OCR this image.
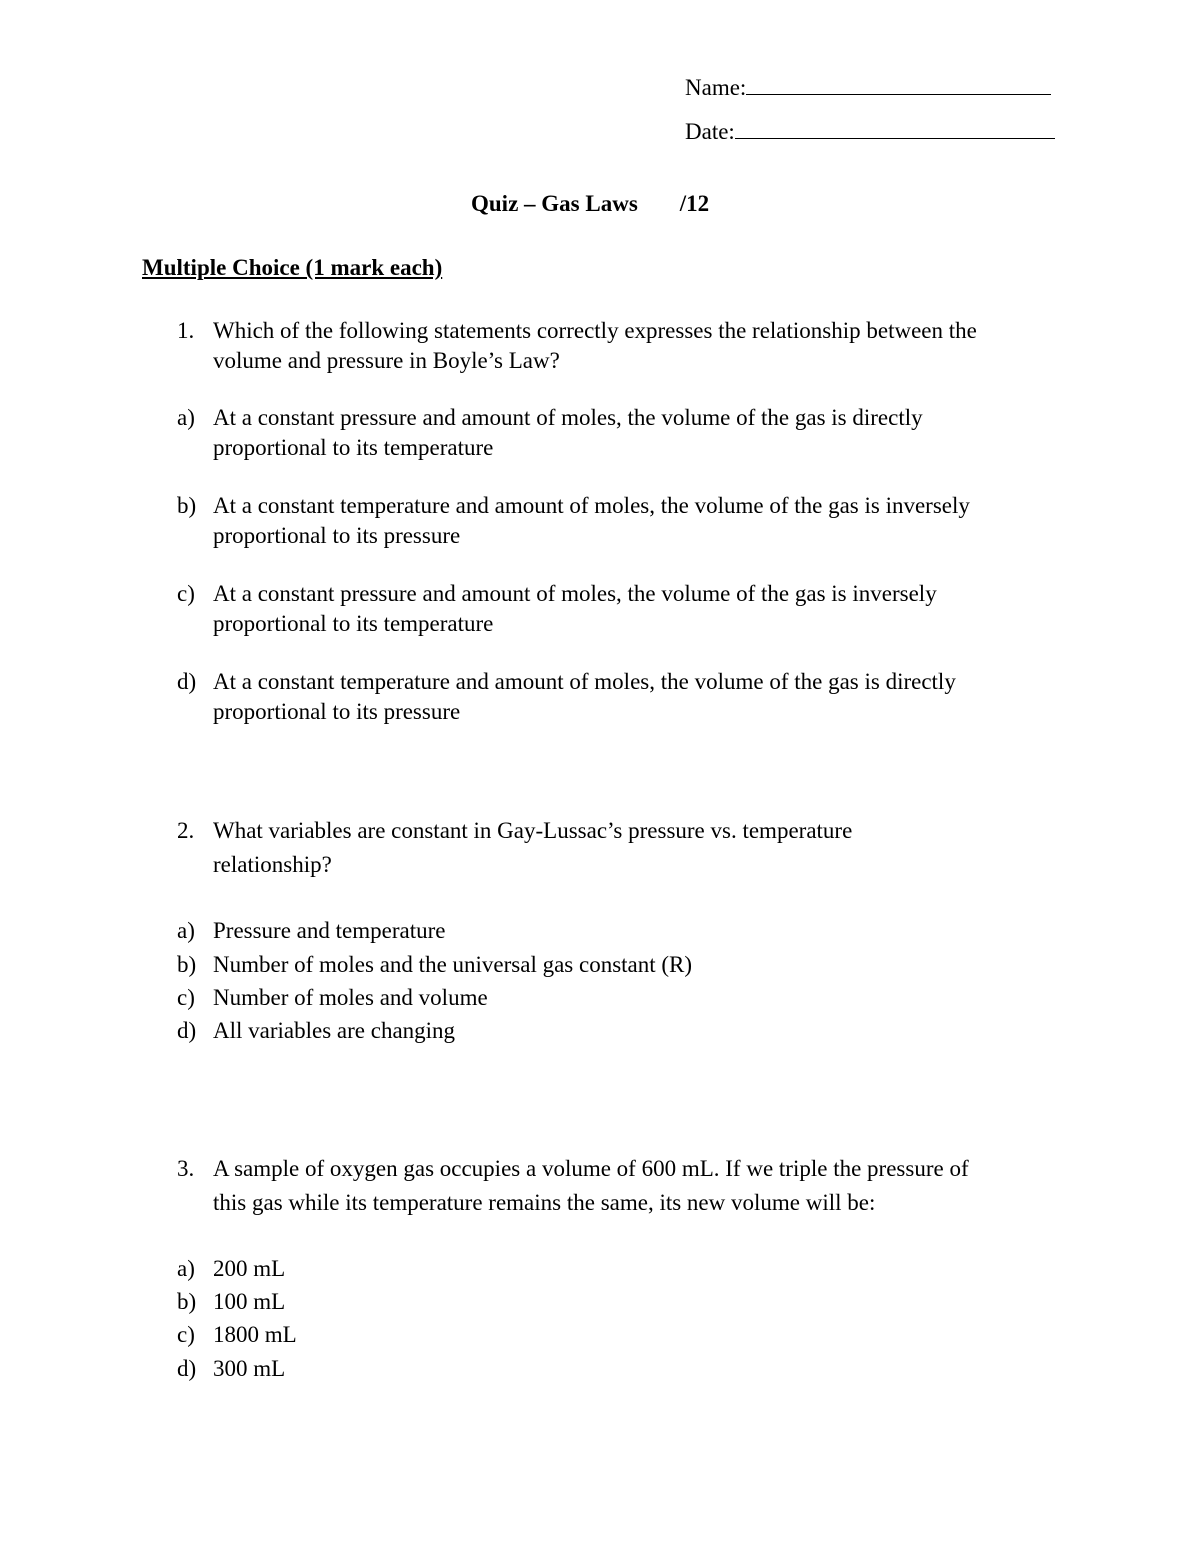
Name:
Date:
Quiz – Gas Laws /12
Multiple Choice (1 mark each)
1. Which of the following statements correctly expresses the relationship between the
volume and pressure in Boyle’s Law?
a) At a constant pressure and amount of moles, the volume of the gas is directly
proportional to its temperature
b) At a constant temperature and amount of moles, the volume of the gas is inversely
proportional to its pressure
c) At a constant pressure and amount of moles, the volume of the gas is inversely
proportional to its temperature
d) At a constant temperature and amount of moles, the volume of the gas is directly
proportional to its pressure
2. What variables are constant in Gay-Lussac’s pressure vs. temperature
relationship?
a) Pressure and temperature
b) Number of moles and the universal gas constant (R)
c) Number of moles and volume
d) All variables are changing
3. A sample of oxygen gas occupies a volume of 600 mL. If we triple the pressure of
this gas while its temperature remains the same, its new volume will be:
a) 200 mL
b) 100 mL
c) 1800 mL
d) 300 mL
